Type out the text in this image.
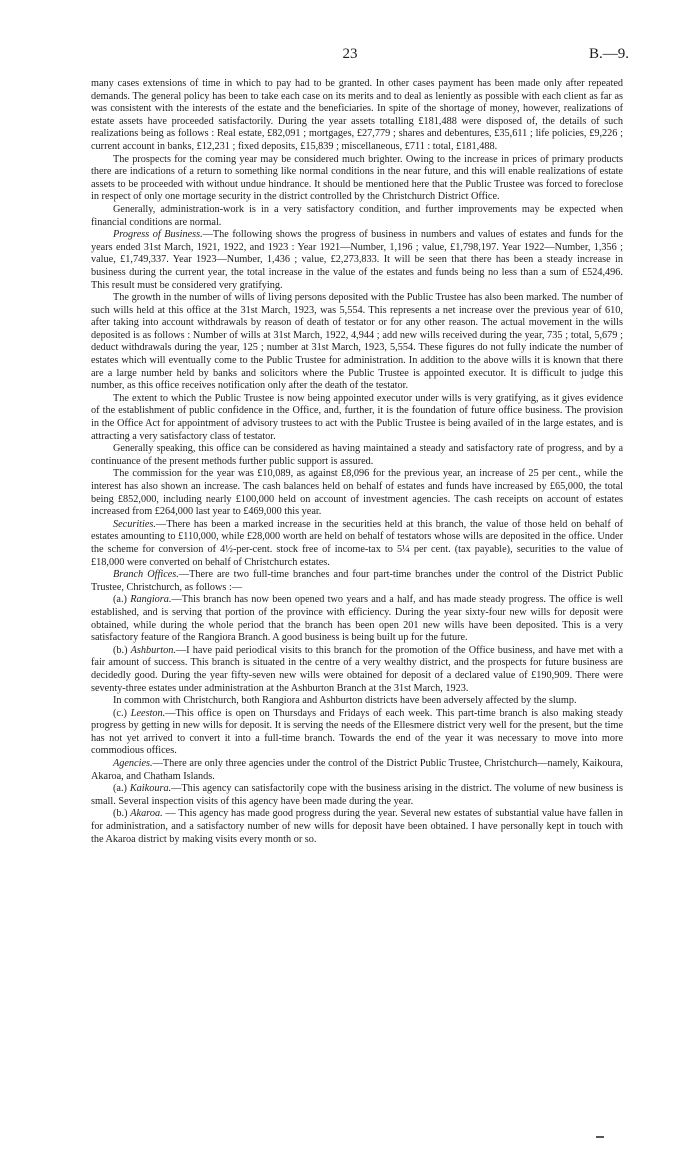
23	B.—9.

many cases extensions of time in which to pay had to be granted. In other cases payment has been made only after repeated demands. The general policy has been to take each case on its merits and to deal as leniently as possible with each client as far as was consistent with the interests of the estate and the beneficiaries. In spite of the shortage of money, however, realizations of estate assets have proceeded satisfactorily. During the year assets totalling £181,488 were disposed of, the details of such realizations being as follows : Real estate, £82,091 ; mortgages, £27,779 ; shares and debentures, £35,611 ; life policies, £9,226 ; current account in banks, £12,231 ; fixed deposits, £15,839 ; miscellaneous, £711 : total, £181,488.

The prospects for the coming year may be considered much brighter. Owing to the increase in prices of primary products there are indications of a return to something like normal conditions in the near future, and this will enable realizations of estate assets to be proceeded with without undue hindrance. It should be mentioned here that the Public Trustee was forced to foreclose in respect of only one mortage security in the district controlled by the Christchurch District Office.

Generally, administration-work is in a very satisfactory condition, and further improvements may be expected when financial conditions are normal.

Progress of Business.—The following shows the progress of business in numbers and values of estates and funds for the years ended 31st March, 1921, 1922, and 1923 : Year 1921—Number, 1,196 ; value, £1,798,197. Year 1922—Number, 1,356 ; value, £1,749,337. Year 1923—Number, 1,436 ; value, £2,273,833. It will be seen that there has been a steady increase in business during the current year, the total increase in the value of the estates and funds being no less than a sum of £524,496. This result must be considered very gratifying.

The growth in the number of wills of living persons deposited with the Public Trustee has also been marked. The number of such wills held at this office at the 31st March, 1923, was 5,554. This represents a net increase over the previous year of 610, after taking into account withdrawals by reason of death of testator or for any other reason. The actual movement in the wills deposited is as follows : Number of wills at 31st March, 1922, 4,944 ; add new wills received during the year, 735 ; total, 5,679 ; deduct withdrawals during the year, 125 ; number at 31st March, 1923, 5,554. These figures do not fully indicate the number of estates which will eventually come to the Public Trustee for administration. In addition to the above wills it is known that there are a large number held by banks and solicitors where the Public Trustee is appointed executor. It is difficult to judge this number, as this office receives notification only after the death of the testator.

The extent to which the Public Trustee is now being appointed executor under wills is very gratifying, as it gives evidence of the establishment of public confidence in the Office, and, further, it is the foundation of future office business. The provision in the Office Act for appointment of advisory trustees to act with the Public Trustee is being availed of in the large estates, and is attracting a very satisfactory class of testator.

Generally speaking, this office can be considered as having maintained a steady and satisfactory rate of progress, and by a continuance of the present methods further public support is assured.

The commission for the year was £10,089, as against £8,096 for the previous year, an increase of 25 per cent., while the interest has also shown an increase. The cash balances held on behalf of estates and funds have increased by £65,000, the total being £852,000, including nearly £100,000 held on account of investment agencies. The cash receipts on account of estates increased from £264,000 last year to £469,000 this year.

Securities.—There has been a marked increase in the securities held at this branch, the value of those held on behalf of estates amounting to £110,000, while £28,000 worth are held on behalf of testators whose wills are deposited in the office. Under the scheme for conversion of 4½-per-cent. stock free of income-tax to 5¼ per cent. (tax payable), securities to the value of £18,000 were converted on behalf of Christchurch estates.

Branch Offices.—There are two full-time branches and four part-time branches under the control of the District Public Trustee, Christchurch, as follows :—

(a.) Rangiora.—This branch has now been opened two years and a half, and has made steady progress. The office is well established, and is serving that portion of the province with efficiency. During the year sixty-four new wills for deposit were obtained, while during the whole period that the branch has been open 201 new wills have been deposited. This is a very satisfactory feature of the Rangiora Branch. A good business is being built up for the future.

(b.) Ashburton.—I have paid periodical visits to this branch for the promotion of the Office business, and have met with a fair amount of success. This branch is situated in the centre of a very wealthy district, and the prospects for future business are decidedly good. During the year fifty-seven new wills were obtained for deposit of a declared value of £190,909. There were seventy-three estates under administration at the Ashburton Branch at the 31st March, 1923.

In common with Christchurch, both Rangiora and Ashburton districts have been adversely affected by the slump.

(c.) Leeston.—This office is open on Thursdays and Fridays of each week. This part-time branch is also making steady progress by getting in new wills for deposit. It is serving the needs of the Ellesmere district very well for the present, but the time has not yet arrived to convert it into a full-time branch. Towards the end of the year it was necessary to move into more commodious offices.

Agencies.—There are only three agencies under the control of the District Public Trustee, Christchurch—namely, Kaikoura, Akaroa, and Chatham Islands.

(a.) Kaikoura.—This agency can satisfactorily cope with the business arising in the district. The volume of new business is small. Several inspection visits of this agency have been made during the year.

(b.) Akaroa. — This agency has made good progress during the year. Several new estates of substantial value have fallen in for administration, and a satisfactory number of new wills for deposit have been obtained. I have personally kept in touch with the Akaroa district by making visits every month or so.
